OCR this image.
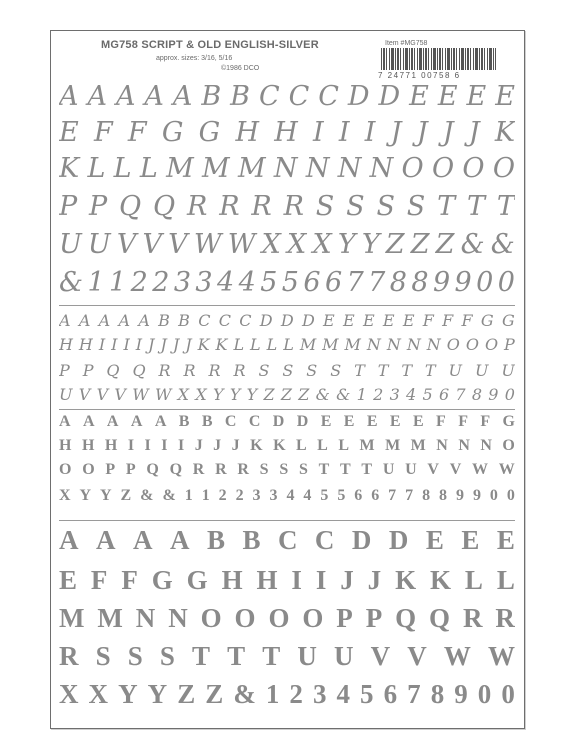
MG758 SCRIPT & OLD ENGLISH-SILVER
approx. sizes: 3/16, 5/16
©1986 DCO
Item #MG758
7 24771 00758 6
A A A A A B B C C C D D E E E E
E F F G G H H I I I J J J J K
K L L L M M M N N N N O O O O
P P Q Q R R R R S S S S T T T
U U V V V W W X X X Y Y Z Z Z & &
& 1 1 2 2 3 3 4 4 5 5 6 6 7 7 8 8 9 9 0 0
A A A A A B B C C C D D D E E E E E F F F G G
H H I I I I J J J J K K L L L L M M M N N N N O O O P
P P Q Q R R R R S S S S T T T T U U U
U V V V W W X X Y Y Y Z Z Z & & 1 2 3 4 5 6 7 8 9 0
A A A A A B B C C D D E E E E E F F F G
H H H I I I I J J J K K L L L M M M N N N O
O O P P Q Q R R R S S S T T T U U V V W W
X Y Y Z & & 1 1 2 2 3 3 4 4 5 5 6 6 7 7 8 8 9 9 0 0
A A A A B B C C D D E E E
E F F G G H H I I J J K K L L
M M N N O O O O P P Q Q R R
R S S S T T T U U V V W W
X X Y Y Z Z & 1 2 3 4 5 6 7 8 9 0 0
